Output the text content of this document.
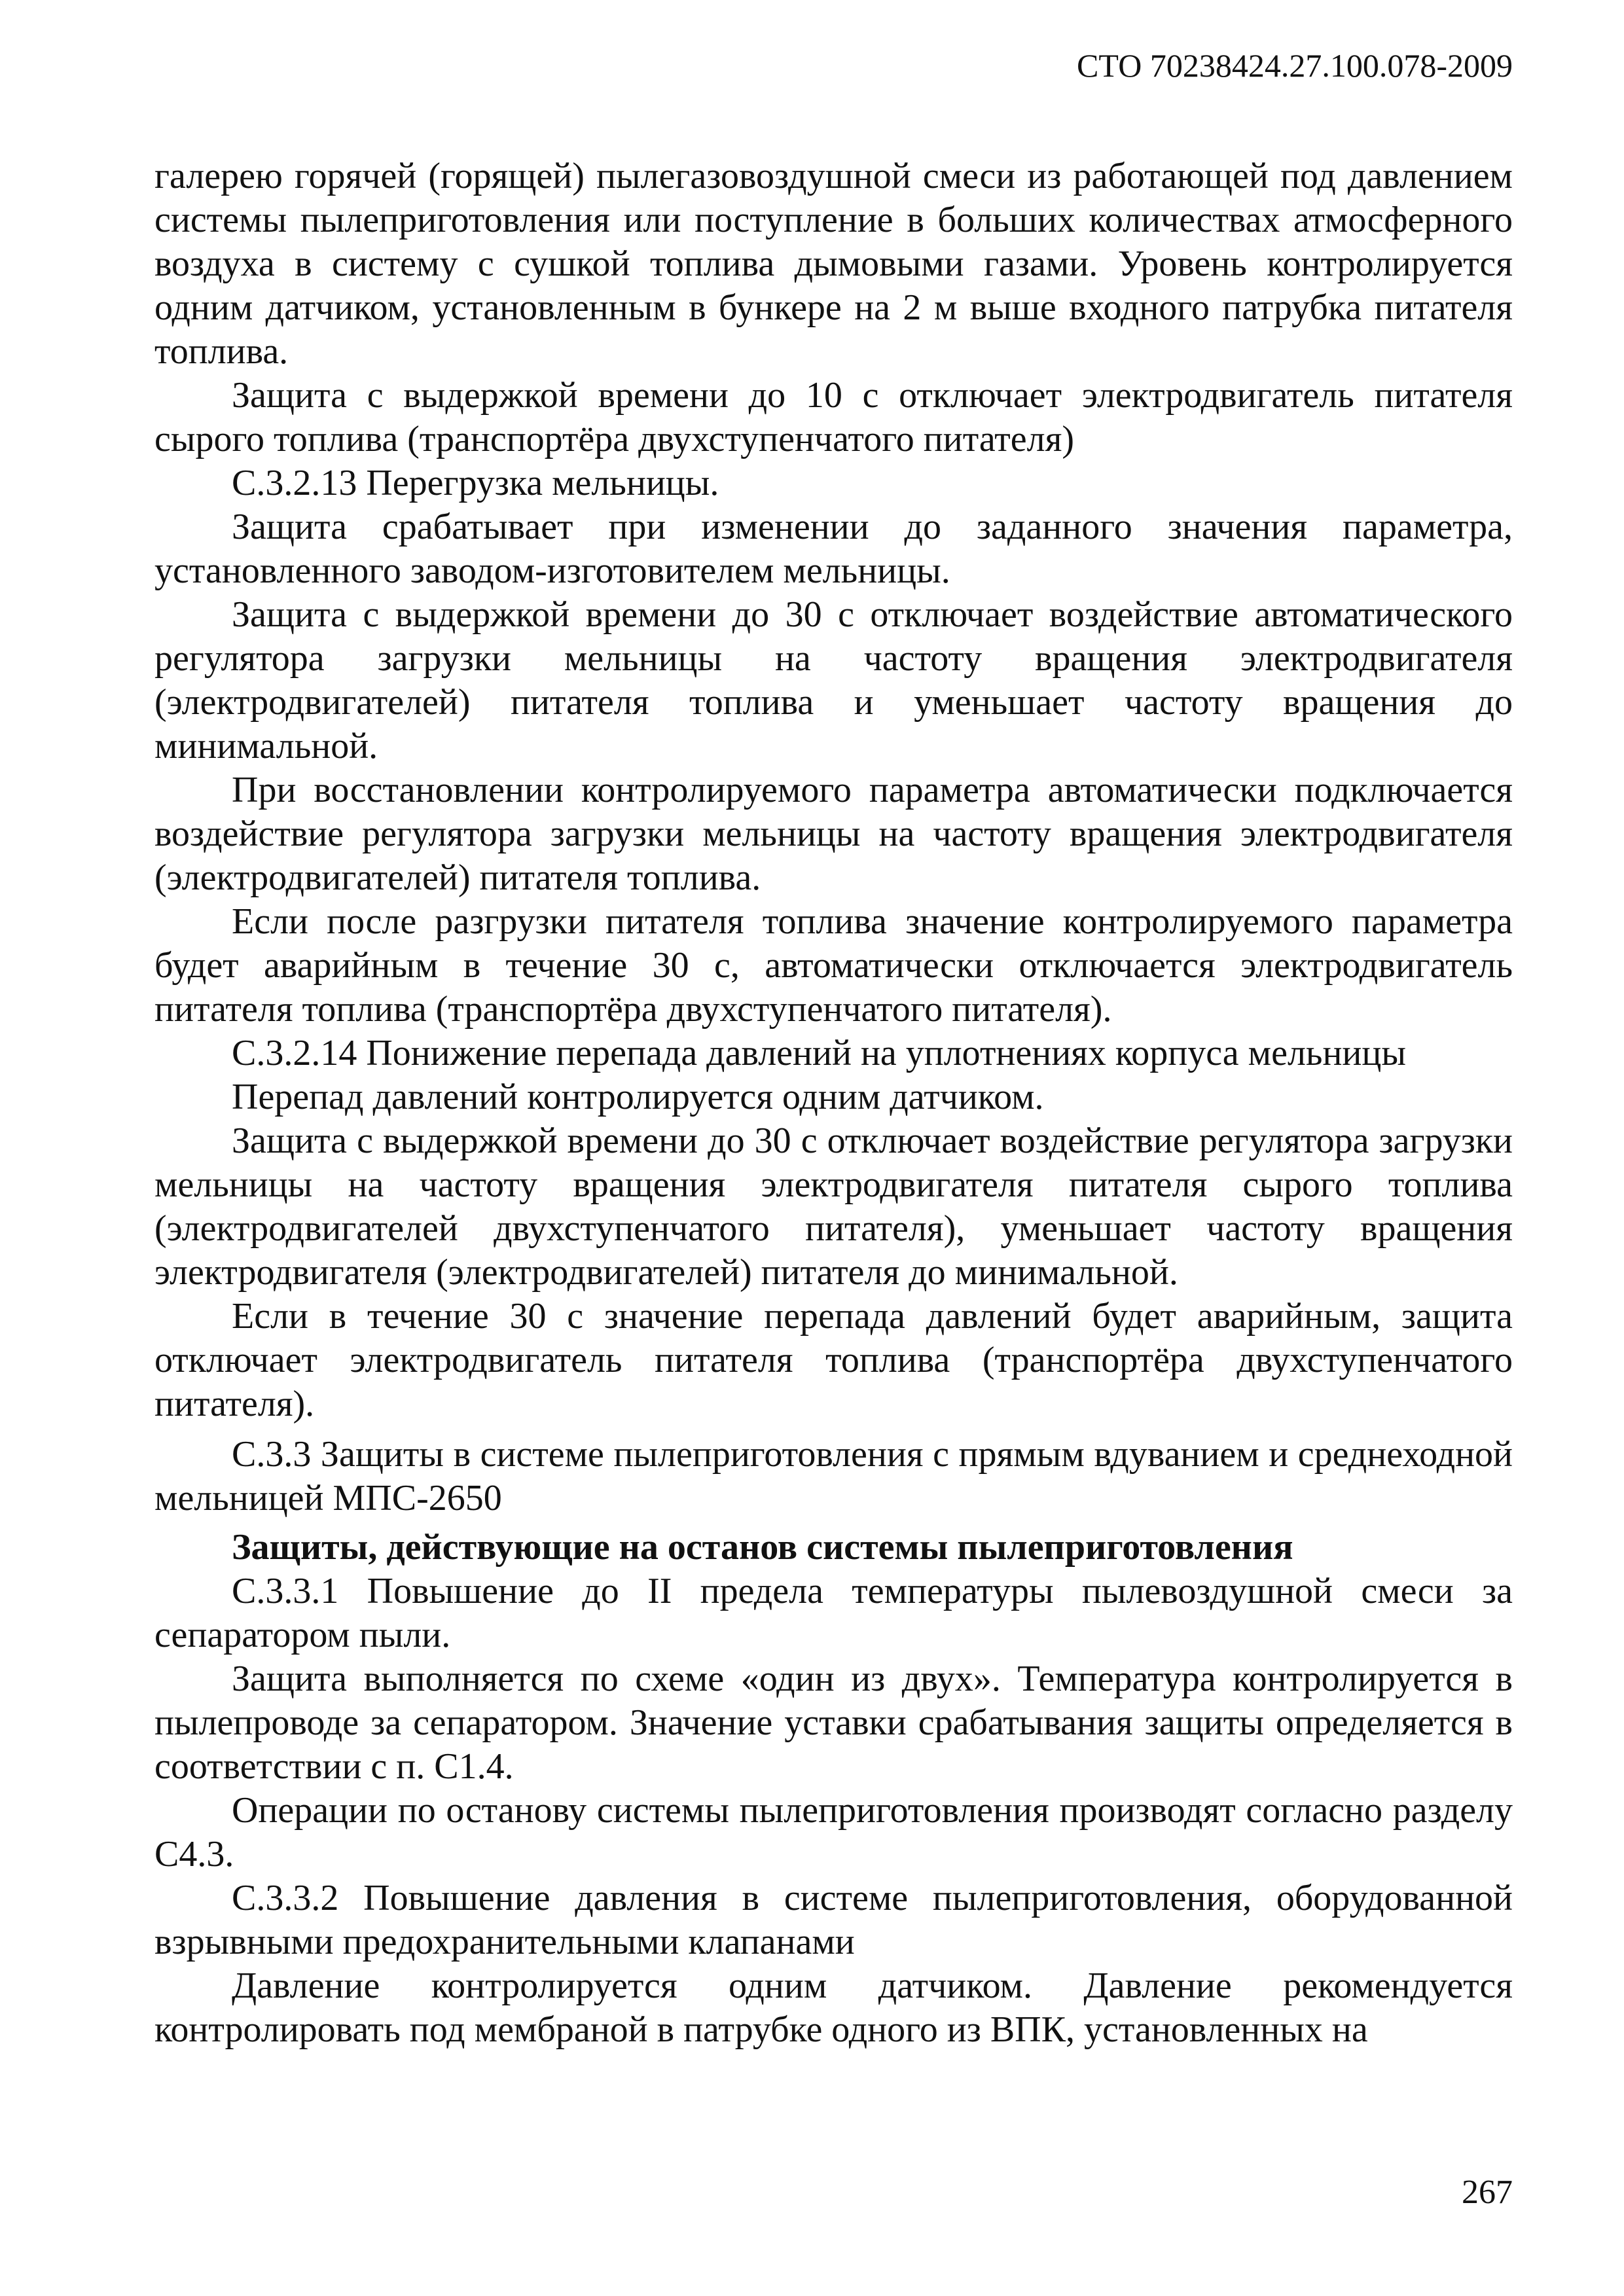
СТО 70238424.27.100.078-2009

галерею горячей (горящей) пылегазовоздушной смеси из работающей под давлением системы пылеприготовления или поступление в больших количествах атмосферного воздуха в систему с сушкой топлива дымовыми газами. Уровень контролируется одним датчиком, установленным в бункере на 2 м выше входного патрубка питателя топлива.

Защита с выдержкой времени до 10 с отключает электродвигатель питателя сырого топлива (транспортёра двухступенчатого питателя)

С.3.2.13 Перегрузка мельницы.

Защита срабатывает при изменении до заданного значения параметра, установленного заводом-изготовителем мельницы.

Защита с выдержкой времени до 30 с отключает воздействие автоматического регулятора загрузки мельницы на частоту вращения электродвигателя (электродвигателей) питателя топлива и уменьшает частоту вращения до минимальной.

При восстановлении контролируемого параметра автоматически подключается воздействие регулятора загрузки мельницы на частоту вращения электродвигателя (электродвигателей) питателя топлива.

Если после разгрузки питателя топлива значение контролируемого параметра будет аварийным в течение 30 с, автоматически отключается электродвигатель питателя топлива (транспортёра двухступенчатого питателя).

С.3.2.14 Понижение перепада давлений на уплотнениях корпуса мельницы

Перепад давлений контролируется одним датчиком.

Защита с выдержкой времени до 30 с отключает воздействие регулятора загрузки мельницы на частоту вращения электродвигателя питателя сырого топлива (электродвигателей двухступенчатого питателя), уменьшает частоту вращения электродвигателя (электродвигателей) питателя до минимальной.

Если в течение 30 с значение перепада давлений будет аварийным, защита отключает электродвигатель питателя топлива (транспортёра двухступенчатого питателя).

С.3.3 Защиты в системе пылеприготовления с прямым вдуванием и среднеходной мельницей МПС-2650

Защиты, действующие на останов системы пылеприготовления

С.3.3.1 Повышение до II предела температуры пылевоздушной смеси за сепаратором пыли.

Защита выполняется по схеме «один из двух». Температура контролируется в пылепроводе за сепаратором. Значение уставки срабатывания защиты определяется в соответствии с п. С1.4.

Операции по останову системы пылеприготовления производят согласно разделу С4.3.

С.3.3.2 Повышение давления в системе пылеприготовления, оборудованной взрывными предохранительными клапанами

Давление контролируется одним датчиком. Давление рекомендуется контролировать под мембраной в патрубке одного из ВПК, установленных на

267
